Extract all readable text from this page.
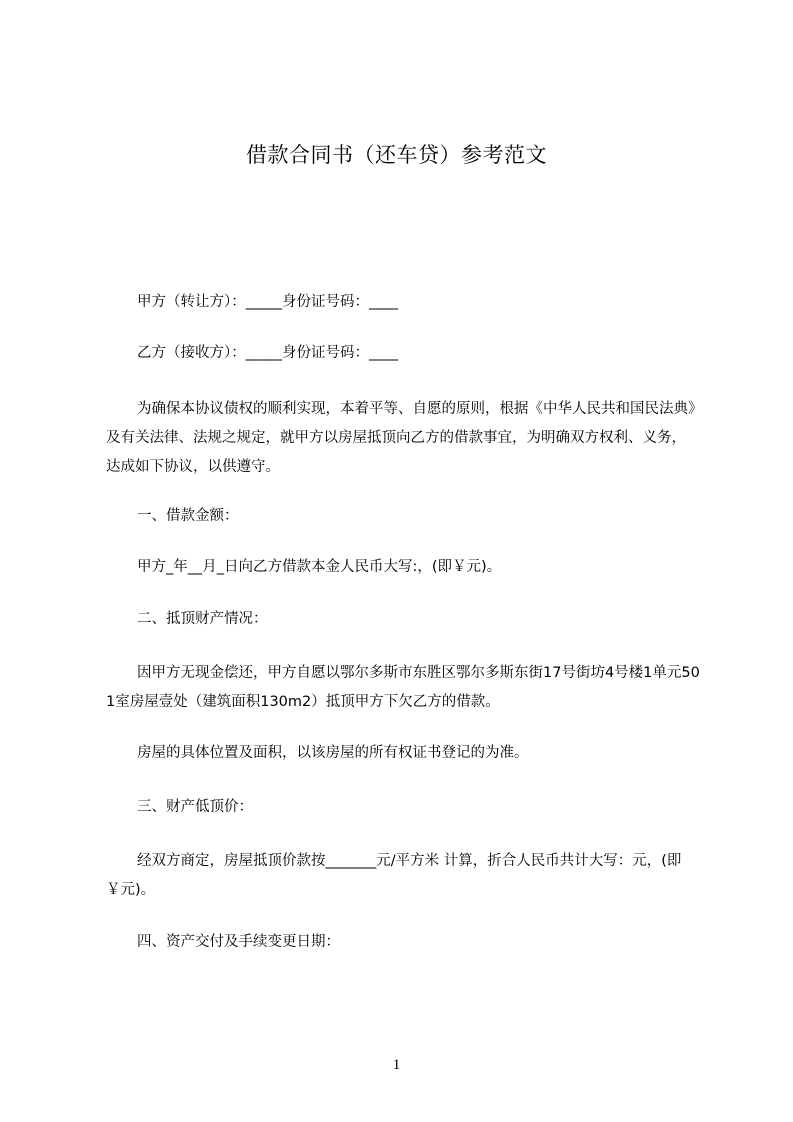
借款合同书（还车贷）参考范文
甲方（转让方）：_____身份证号码：____
乙方（接收方）：_____身份证号码：____
为确保本协议债权的顺利实现，本着平等、自愿的原则，根据《中华人民共和国民法典》及有关法律、法规之规定，就甲方以房屋抵顶向乙方的借款事宜，为明确双方权利、义务，达成如下协议，以供遵守。
一、借款金额：
甲方_年__月_日向乙方借款本金人民币大写:，(即￥元)。
二、抵顶财产情况：
因甲方无现金偿还，甲方自愿以鄂尔多斯市东胜区鄂尔多斯东街17号街坊4号楼1单元501室房屋壹处（建筑面积130m2）抵顶甲方下欠乙方的借款。
房屋的具体位置及面积，以该房屋的所有权证书登记的为准。
三、财产低顶价：
经双方商定，房屋抵顶价款按_______元/平方米 计算，折合人民币共计大写：元，(即￥元)。
四、资产交付及手续变更日期：
1
